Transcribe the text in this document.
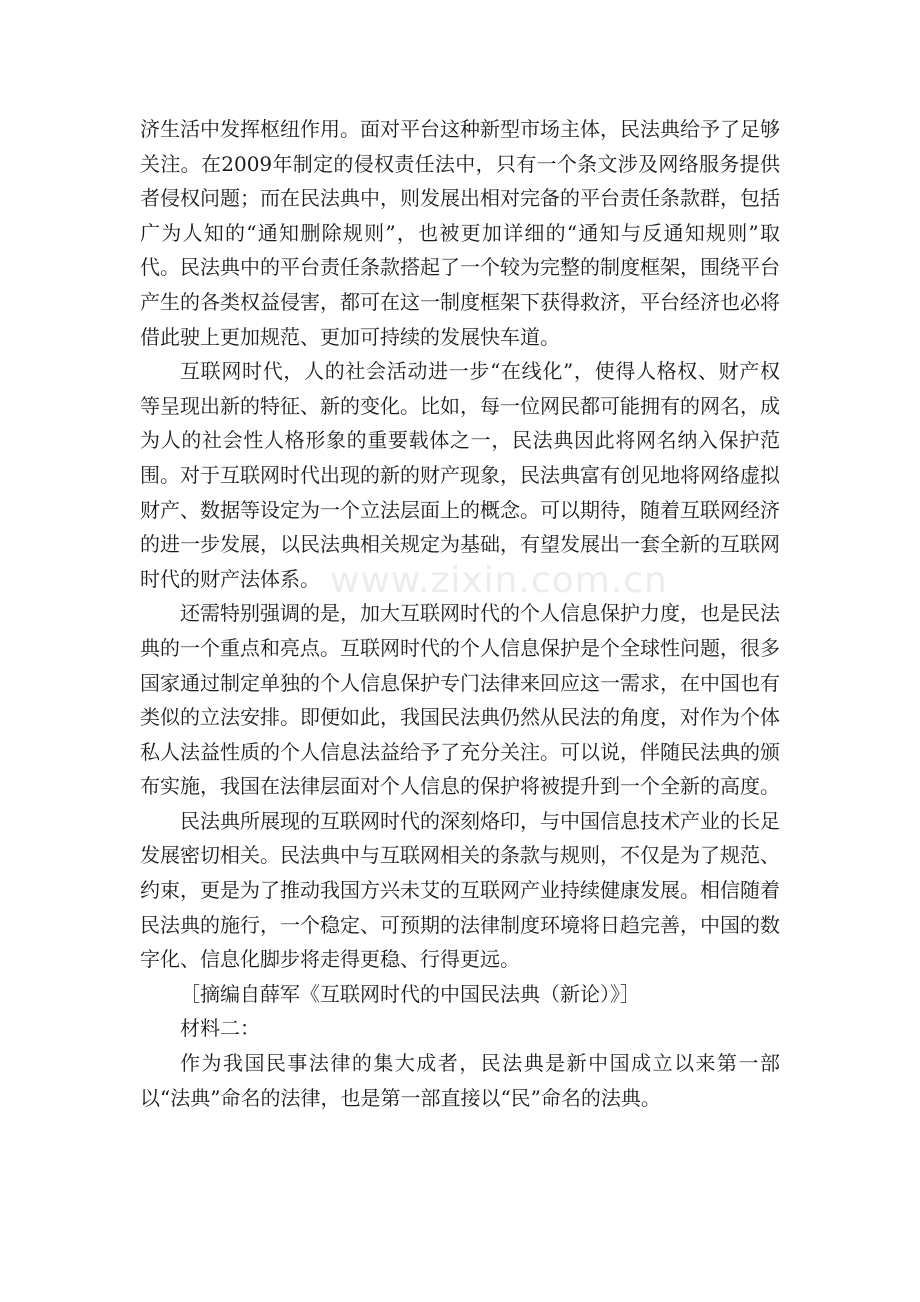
济生活中发挥枢纽作用。面对平台这种新型市场主体，民法典给予了足够关注。在2009年制定的侵权责任法中，只有一个条文涉及网络服务提供者侵权问题；而在民法典中，则发展出相对完备的平台责任条款群，包括广为人知的“通知删除规则”，也被更加详细的“通知与反通知规则”取代。民法典中的平台责任条款搭起了一个较为完整的制度框架，围绕平台产生的各类权益侵害，都可在这一制度框架下获得救济，平台经济也必将借此驶上更加规范、更加可持续的发展快车道。

互联网时代，人的社会活动进一步“在线化”，使得人格权、财产权等呈现出新的特征、新的变化。比如，每一位网民都可能拥有的网名，成为人的社会性人格形象的重要载体之一，民法典因此将网名纳入保护范围。对于互联网时代出现的新的财产现象，民法典富有创见地将网络虚拟财产、数据等设定为一个立法层面上的概念。可以期待，随着互联网经济的进一步发展，以民法典相关规定为基础，有望发展出一套全新的互联网时代的财产法体系。

还需特别强调的是，加大互联网时代的个人信息保护力度，也是民法典的一个重点和亮点。互联网时代的个人信息保护是个全球性问题，很多国家通过制定单独的个人信息保护专门法律来回应这一需求，在中国也有类似的立法安排。即便如此，我国民法典仍然从民法的角度，对作为个体私人法益性质的个人信息法益给予了充分关注。可以说，伴随民法典的颁布实施，我国在法律层面对个人信息的保护将被提升到一个全新的高度。

民法典所展现的互联网时代的深刻烙印，与中国信息技术产业的长足发展密切相关。民法典中与互联网相关的条款与规则，不仅是为了规范、约束，更是为了推动我国方兴未艾的互联网产业持续健康发展。相信随着民法典的施行，一个稳定、可预期的法律制度环境将日趋完善，中国的数字化、信息化脚步将走得更稳、行得更远。

［摘编自薛军《互联网时代的中国民法典（新论）》］

材料二：

作为我国民事法律的集大成者，民法典是新中国成立以来第一部以“法典”命名的法律，也是第一部直接以“民”命名的法典。

www.zixin.com.cn
